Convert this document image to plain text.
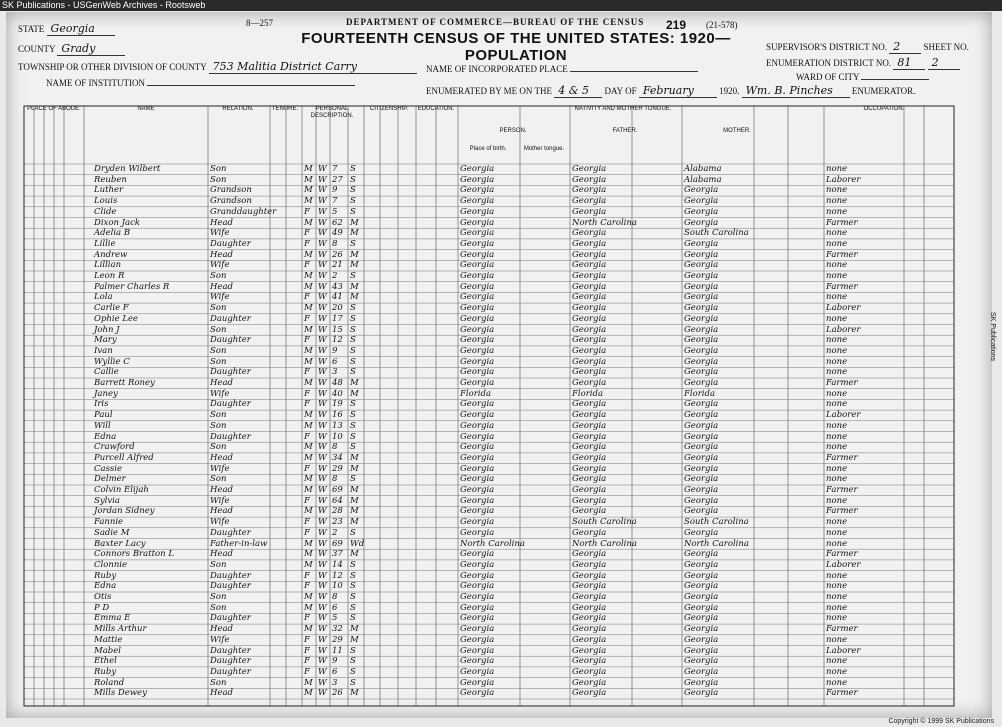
SK Publications - USGenWeb Archives - Rootsweb
8—257	DEPARTMENT OF COMMERCE—BUREAU OF THE CENSUS 219 (21-578)
FOURTEENTH CENSUS OF THE UNITED STATES: 1920—POPULATION
STATE Georgia
COUNTY Grady
TOWNSHIP OR OTHER DIVISION OF COUNTY 753 Malitia District Carry
NAME OF INSTITUTION
NAME OF INCORPORATED PLACE
ENUMERATED BY ME ON THE 4 & 5 DAY OF February	1920. Wm. B. Pinches ENUMERATOR.
SUPERVISOR'S DISTRICT NO. 2	SHEET NO.
ENUMERATION DISTRICT NO. 81 2
WARD OF CITY
PLACE OF ABODE.	NAME	RELATION.	TENURE.	PERSONAL DESCRIPTION.
CITIZENSHIP.	EDUCATION.	NATIVITY AND MOTHER TONGUE.
PERSON.	FATHER.	MOTHER.
Place of birth.	Mother tongue.
OCCUPATION.
Dryden Wilbert	Son	M W 7	S	Georgia	Georgia	Alabama	none
Reuben	Son	M W 27 S	Georgia	Georgia	Alabama	Laborer
Luther	Grandson	M W 9	S	Georgia	Georgia	Georgia	none
Louis	Grandson	M W 7	S	Georgia	Georgia	Georgia	none
Clide	Granddaughter	F W 5	S	Georgia	Georgia	Georgia	none
Dixon Jack	Head	M W 62 M	Georgia	North Carolina	Georgia	Farmer
Adelia B	Wife	F W 49 M	Georgia	Georgia	South Carolina	none
Lillie	Daughter	F W 8	S	Georgia	Georgia	Georgia	none
Andrew	Head	M W 26 M	Georgia	Georgia	Georgia	Farmer
Lillian	Wife	F W 21 M	Georgia	Georgia	Georgia	none
Leon R	Son	M W 2	S	Georgia	Georgia	Georgia	none
Palmer Charles R	Head	M W 43 M	Georgia	Georgia	Georgia	Farmer
Lola	Wife	F W 41 M	Georgia	Georgia	Georgia	none
Carlie F	Son	M W 20 S	Georgia	Georgia	Georgia	Laborer
Ophie Lee	Daughter	F W 17 S	Georgia	Georgia	Georgia	none
John J	Son	M W 15 S	Georgia	Georgia	Georgia	Laborer
Mary	Daughter	F W 12 S	Georgia	Georgia	Georgia	none
Ivan	Son	M W 9	S	Georgia	Georgia	Georgia	none
Wyllie C	Son	M W 6	S	Georgia	Georgia	Georgia	none
Callie	Daughter	F W 3	S	Georgia	Georgia	Georgia	none
Barrett Roney	Head	M W 48 M	Georgia	Georgia	Georgia	Farmer
Janey	Wife	F W 40 M	Florida	Florida	Florida	none
Iris	Daughter	F W 19 S	Georgia	Georgia	Georgia	none
Paul	Son	M W 16 S	Georgia	Georgia	Georgia	Laborer
Will	Son	M W 13 S	Georgia	Georgia	Georgia	none
Edna	Daughter	F W 10 S	Georgia	Georgia	Georgia	none
Crawford	Son	M W 8	S	Georgia	Georgia	Georgia	none
Purcell Alfred	Head	M W 34 M	Georgia	Georgia	Georgia	Farmer
Cassie	Wife	F W 29 M	Georgia	Georgia	Georgia	none
Delmer	Son	M W 8	S	Georgia	Georgia	Georgia	none
Colvin Elijah	Head	M W 69 M	Georgia	Georgia	Georgia	Farmer
Sylvia	Wife	F W 64 M	Georgia	Georgia	Georgia	none
Jordan Sidney	Head	M W 28 M	Georgia	Georgia	Georgia	Farmer
Fannie	Wife	F W 23 M	Georgia	South Carolina	South Carolina	none
Sadie M	Daughter	F W 2	S	Georgia	Georgia	Georgia	none
Baxter Lacy	Father-in-law	M W 69 Wd	North Carolina	North Carolina	North Carolina	none
Connors Bratton L	Head	M W 37 M	Georgia	Georgia	Georgia	Farmer
Clonnie	Son	M W 14 S	Georgia	Georgia	Georgia	Laborer
Ruby	Daughter	F W 12 S	Georgia	Georgia	Georgia	none
Edna	Daughter	F W 10 S	Georgia	Georgia	Georgia	none
Otis	Son	M W 8	S	Georgia	Georgia	Georgia	none
P D	Son	M W 6	S	Georgia	Georgia	Georgia	none
Emma E	Daughter	F W 5	S	Georgia	Georgia	Georgia	none
Mills Arthur	Head	M W 32 M	Georgia	Georgia	Georgia	Farmer
Mattie	Wife	F W 29 M	Georgia	Georgia	Georgia	none
Mabel	Daughter	F W 11 S	Georgia	Georgia	Georgia	Laborer
Ethel	Daughter	F W 9	S	Georgia	Georgia	Georgia	none
Ruby	Daughter	F W 6	S	Georgia	Georgia	Georgia	none
Roland	Son	M W 3	S	Georgia	Georgia	Georgia	none
Mills Dewey	Head	M W 26 M	Georgia	Georgia	Georgia	Farmer
SK Publications
Copyright © 1999 SK Publications
